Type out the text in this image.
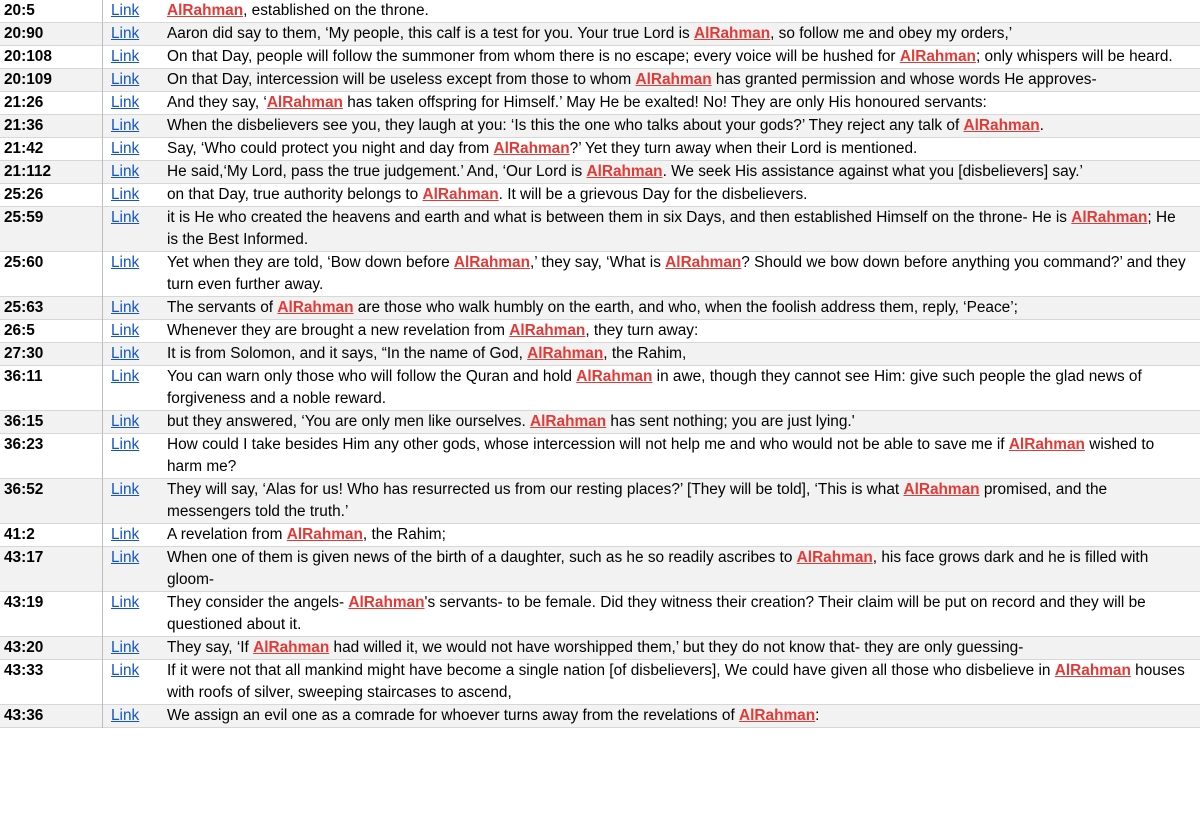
20:5	Link	AlRahman, established on the throne.
20:90	Link	Aaron did say to them, ‘My people, this calf is a test for you. Your true Lord is AlRahman, so follow me and obey my orders,’
20:108	Link	On that Day, people will follow the summoner from whom there is no escape; every voice will be hushed for AlRahman; only whispers will be heard.
20:109	Link	On that Day, intercession will be useless except from those to whom AlRahman has granted permission and whose words He approves-
21:26	Link	And they say, ‘AlRahman has taken offspring for Himself.’ May He be exalted! No! They are only His honoured servants:
21:36	Link	When the disbelievers see you, they laugh at you: ‘Is this the one who talks about your gods?’ They reject any talk of AlRahman.
21:42	Link	Say, ‘Who could protect you night and day from AlRahman?’ Yet they turn away when their Lord is mentioned.
21:112	Link	He said,‘My Lord, pass the true judgement.’ And, ‘Our Lord is AlRahman. We seek His assistance against what you [disbelievers] say.’
25:26	Link	on that Day, true authority belongs to AlRahman. It will be a grievous Day for the disbelievers.
25:59	Link	it is He who created the heavens and earth and what is between them in six Days, and then established Himself on the throne- He is AlRahman; He is the Best Informed.
25:60	Link	Yet when they are told, ‘Bow down before AlRahman,’ they say, ‘What is AlRahman? Should we bow down before anything you command?’ and they turn even further away.
25:63	Link	The servants of AlRahman are those who walk humbly on the earth, and who, when the foolish address them, reply, ‘Peace’;
26:5	Link	Whenever they are brought a new revelation from AlRahman, they turn away:
27:30	Link	It is from Solomon, and it says, “In the name of God, AlRahman, the Rahim,
36:11	Link	You can warn only those who will follow the Quran and hold AlRahman in awe, though they cannot see Him: give such people the glad news of forgiveness and a noble reward.
36:15	Link	but they answered, ‘You are only men like ourselves. AlRahman has sent nothing; you are just lying.'
36:23	Link	How could I take besides Him any other gods, whose intercession will not help me and who would not be able to save me if AlRahman wished to harm me?
36:52	Link	They will say, ‘Alas for us! Who has resurrected us from our resting places?’ [They will be told], ‘This is what AlRahman promised, and the messengers told the truth.’
41:2	Link	A revelation from AlRahman, the Rahim;
43:17	Link	When one of them is given news of the birth of a daughter, such as he so readily ascribes to AlRahman, his face grows dark and he is filled with gloom-
43:19	Link	They consider the angels- AlRahman's servants- to be female. Did they witness their creation? Their claim will be put on record and they will be questioned about it.
43:20	Link	They say, ‘If AlRahman had willed it, we would not have worshipped them,’ but they do not know that- they are only guessing-
43:33	Link	If it were not that all mankind might have become a single nation [of disbelievers], We could have given all those who disbelieve in AlRahman houses with roofs of silver, sweeping staircases to ascend,
43:36	Link	We assign an evil one as a comrade for whoever turns away from the revelations of AlRahman:
